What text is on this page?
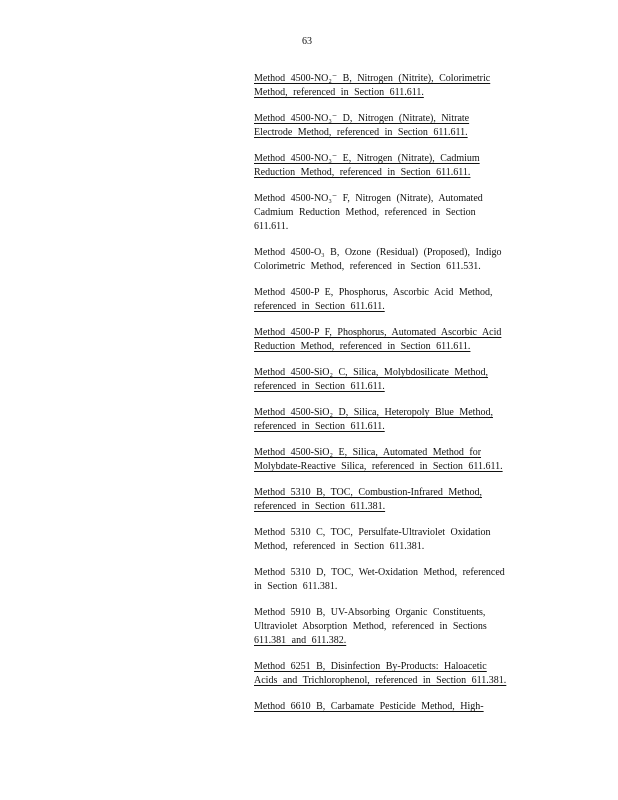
63
Method 4500-NO₂⁻ B, Nitrogen (Nitrite), Colorimetric
Method, referenced in Section 611.611.
Method 4500-NO₃⁻ D, Nitrogen (Nitrate), Nitrate
Electrode Method, referenced in Section 611.611.
Method 4500-NO₃⁻ E, Nitrogen (Nitrate), Cadmium
Reduction Method, referenced in Section 611.611.
Method 4500-NO₃⁻ F, Nitrogen (Nitrate), Automated
Cadmium Reduction Method, referenced in Section
611.611.
Method 4500-O₃ B, Ozone (Residual) (Proposed), Indigo
Colorimetric Method, referenced in Section 611.531.
Method 4500-P E, Phosphorus, Ascorbic Acid Method,
referenced in Section 611.611.
Method 4500-P F, Phosphorus, Automated Ascorbic Acid
Reduction Method, referenced in Section 611.611.
Method 4500-SiO₂ C, Silica, Molybdosilicate Method,
referenced in Section 611.611.
Method 4500-SiO₂ D, Silica, Heteropoly Blue Method,
referenced in Section 611.611.
Method 4500-SiO₂ E, Silica, Automated Method for
Molybdate-Reactive Silica, referenced in Section 611.611.
Method 5310 B, TOC, Combustion-Infrared Method,
referenced in Section 611.381.
Method 5310 C, TOC, Persulfate-Ultraviolet Oxidation
Method, referenced in Section 611.381.
Method 5310 D, TOC, Wet-Oxidation Method, referenced
in Section 611.381.
Method 5910 B, UV-Absorbing Organic Constituents,
Ultraviolet Absorption Method, referenced in Sections
611.381 and 611.382.
Method 6251 B, Disinfection By-Products: Haloacetic
Acids and Trichlorophenol, referenced in Section 611.381.
Method 6610 B, Carbamate Pesticide Method, High-
